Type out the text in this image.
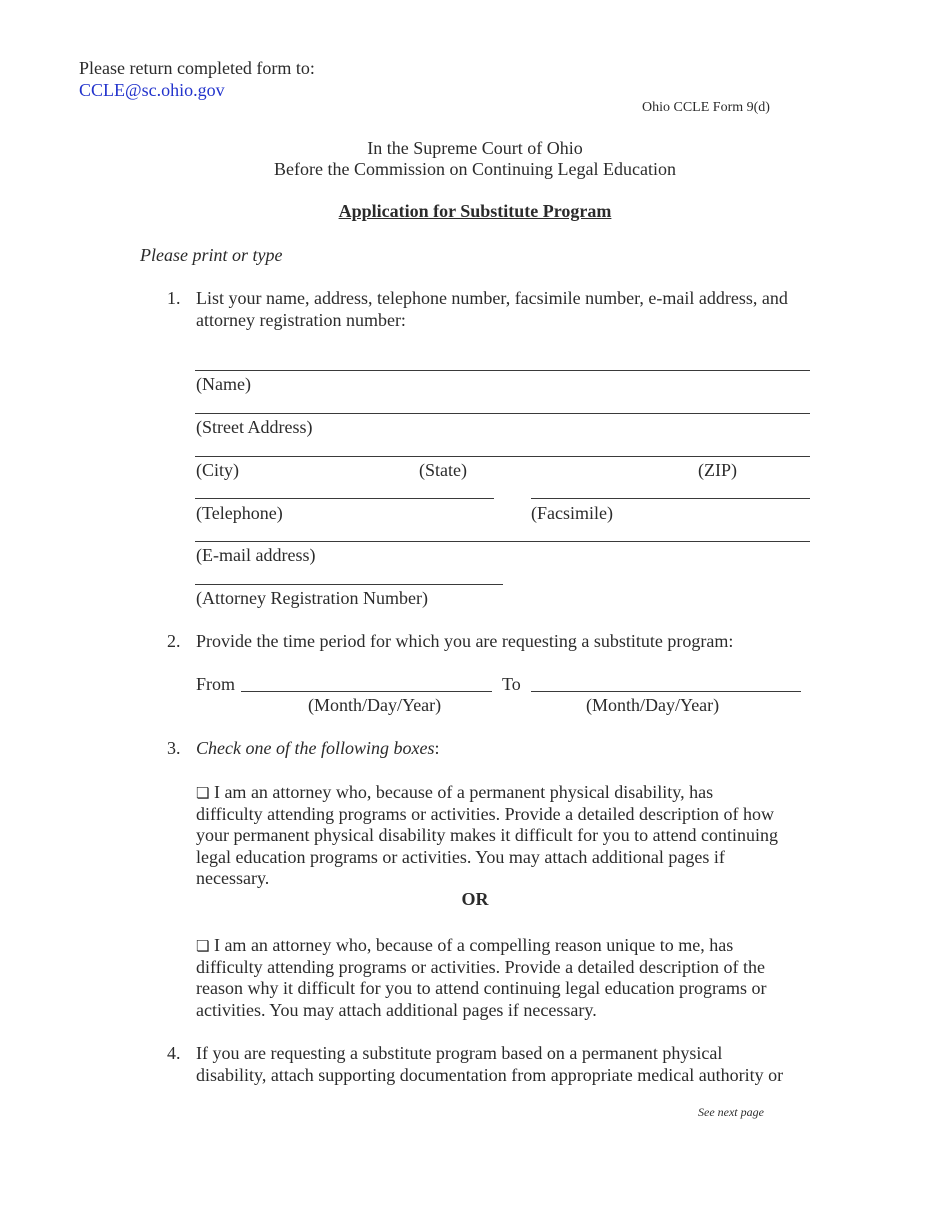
Please return completed form to:
CCLE@sc.ohio.gov
Ohio CCLE Form 9(d)
In the Supreme Court of Ohio
Before the Commission on Continuing Legal Education
Application for Substitute Program
Please print or type
1. List your name, address, telephone number, facsimile number, e-mail address, and
attorney registration number:
(Name)
(Street Address)
(City)	(State)	(ZIP)
(Telephone)	(Facsimile)
(E-mail address)
(Attorney Registration Number)
2. Provide the time period for which you are requesting a substitute program:
From	To
(Month/Day/Year)	(Month/Day/Year)
3. Check one of the following boxes:
❏ I am an attorney who, because of a permanent physical disability, has
difficulty attending programs or activities. Provide a detailed description of how
your permanent physical disability makes it difficult for you to attend continuing
legal education programs or activities. You may attach additional pages if
necessary.
OR
❏ I am an attorney who, because of a compelling reason unique to me, has
difficulty attending programs or activities. Provide a detailed description of the
reason why it difficult for you to attend continuing legal education programs or
activities. You may attach additional pages if necessary.
4. If you are requesting a substitute program based on a permanent physical
disability, attach supporting documentation from appropriate medical authority or
See next page
